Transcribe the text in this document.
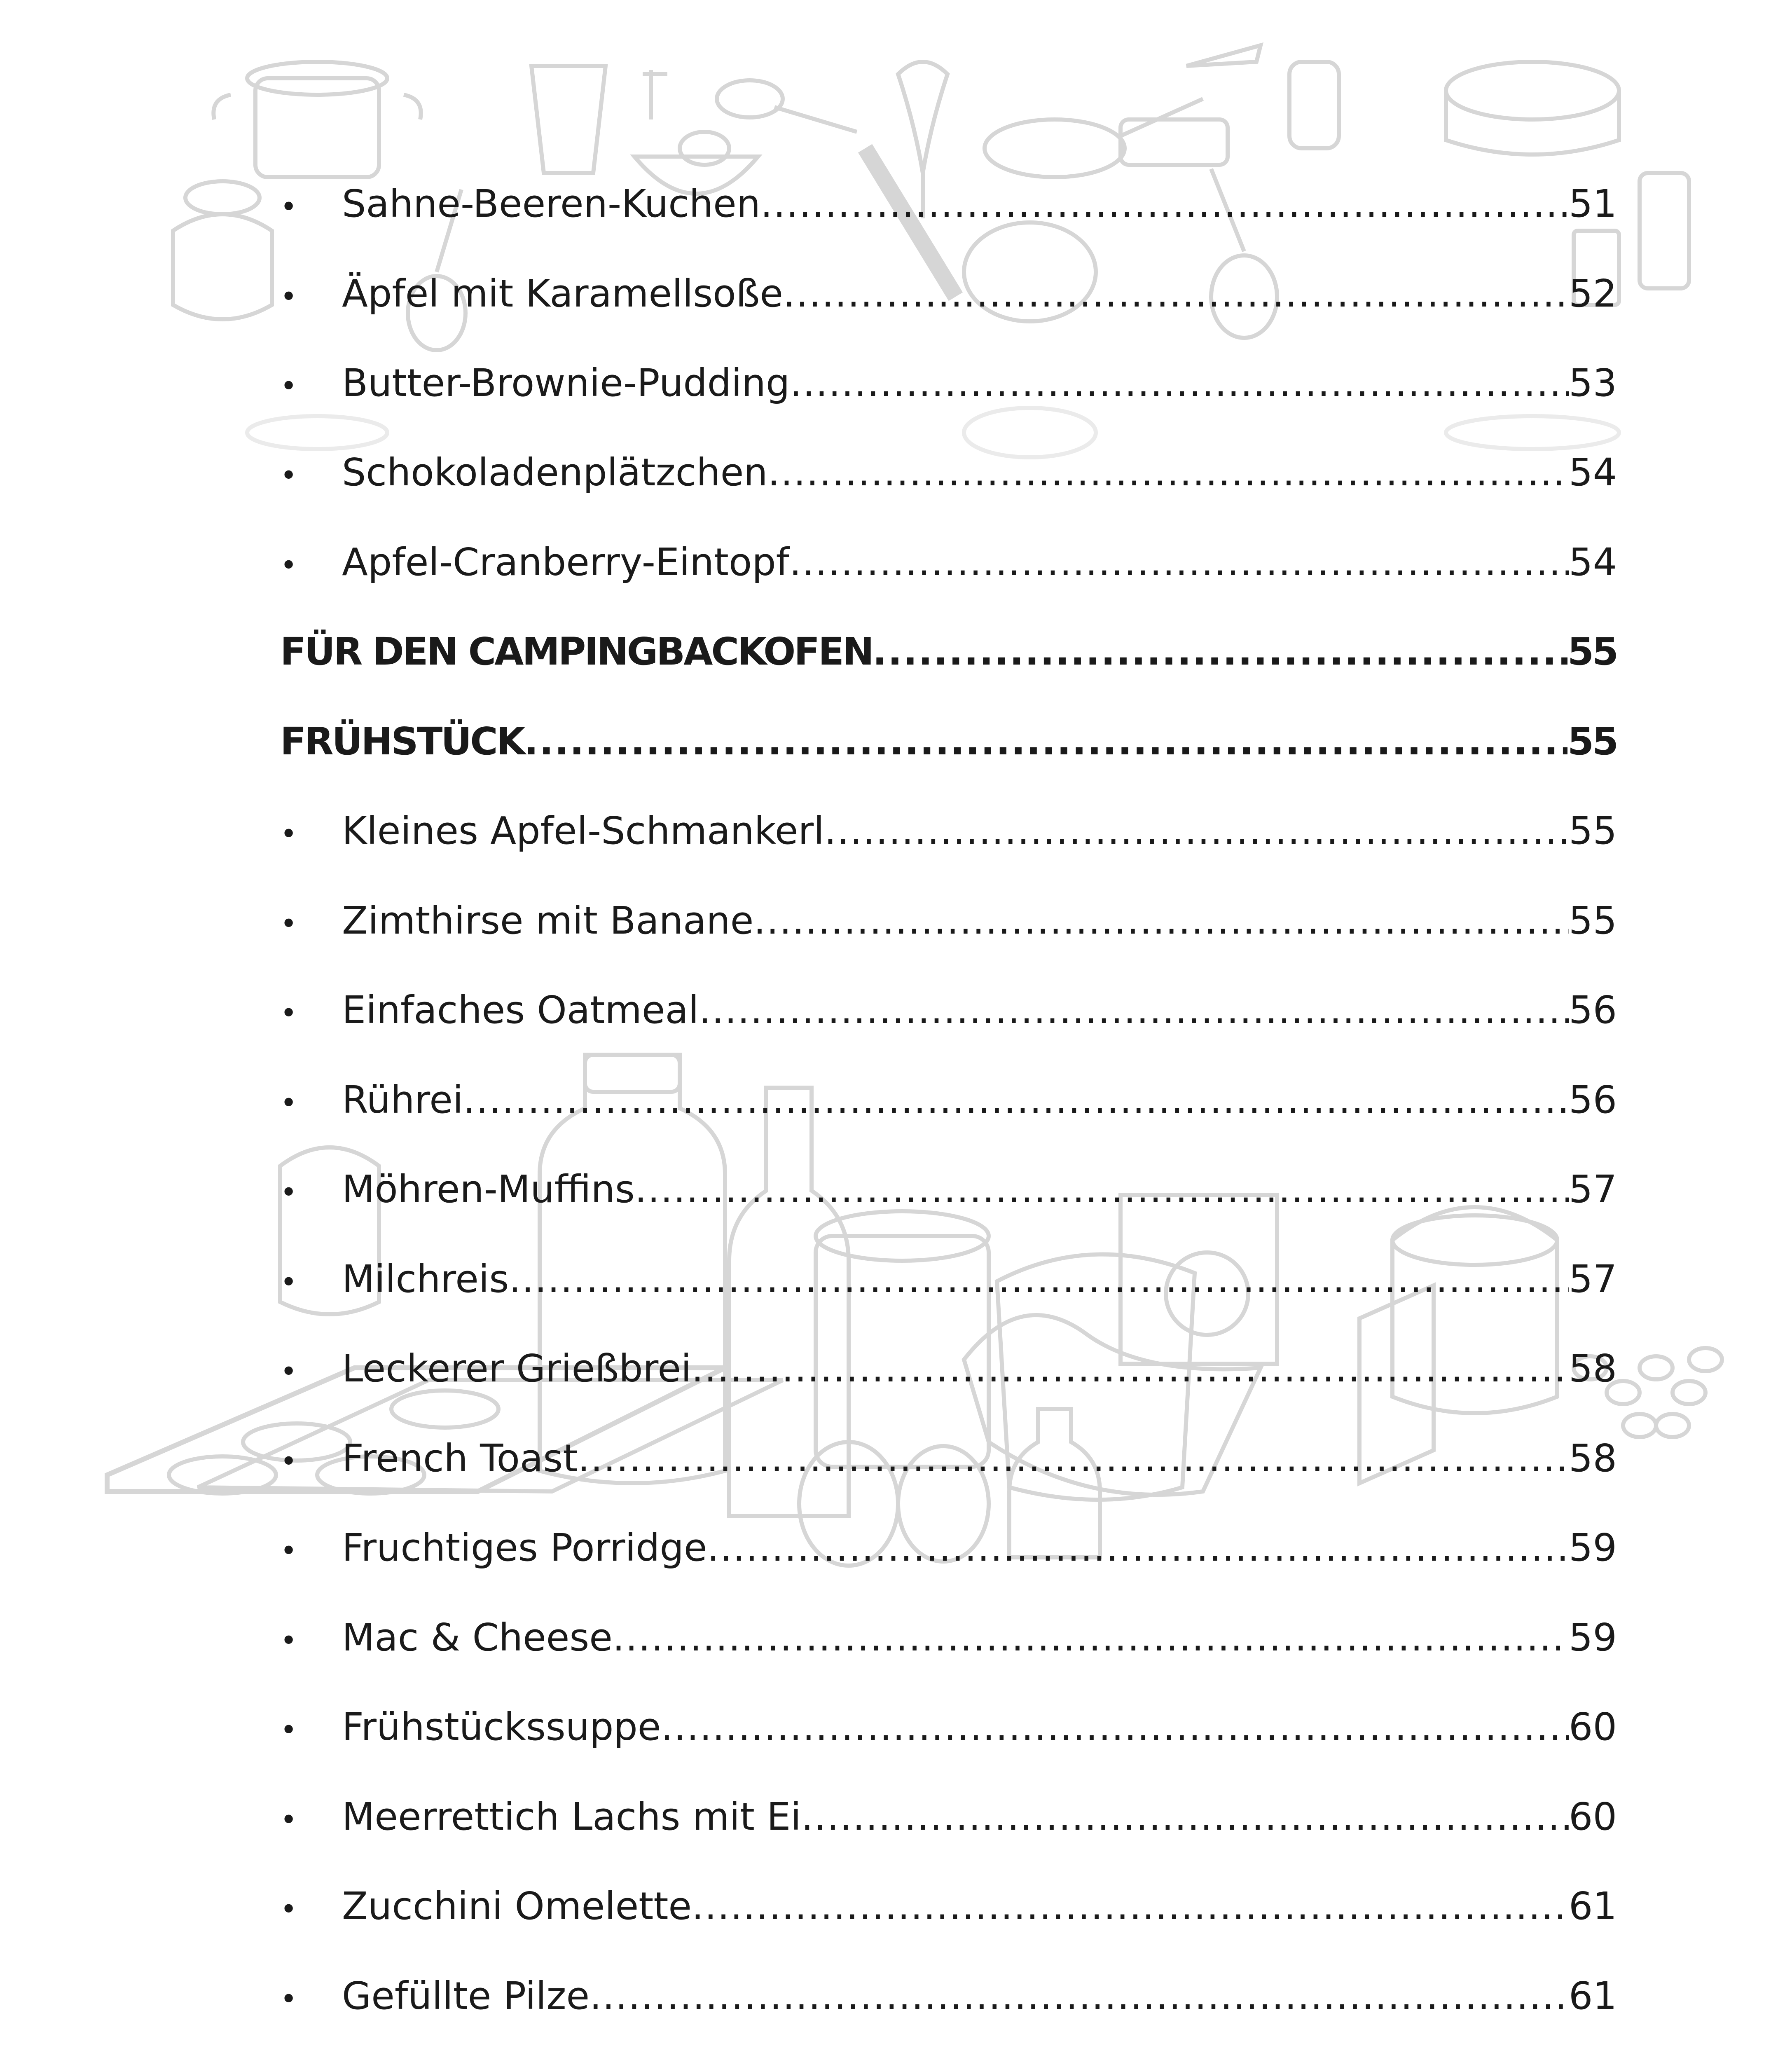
•	Sahne-Beeren-Kuchen .....	51
•	Äpfel mit Karamellsoße .....	52
•	Butter-Brownie-Pudding .....	53
•	Schokoladenplätzchen .....	54
•	Apfel-Cranberry-Eintopf .....	54
FÜR DEN CAMPINGBACKOFEN .....	55
FRÜHSTÜCK .....	55
•	Kleines Apfel-Schmankerl .....	55
•	Zimthirse mit Banane .....	55
•	Einfaches Oatmeal .....	56
•	Rührei .....	56
•	Möhren-Muffins .....	57
•	Milchreis .....	57
•	Leckerer Grießbrei .....	58
•	French Toast .....	58
•	Fruchtiges Porridge .....	59
•	Mac & Cheese .....	59
•	Frühstückssuppe .....	60
•	Meerrettich Lachs mit Ei .....	60
•	Zucchini Omelette .....	61
•	Gefüllte Pilze .....	61
.....
